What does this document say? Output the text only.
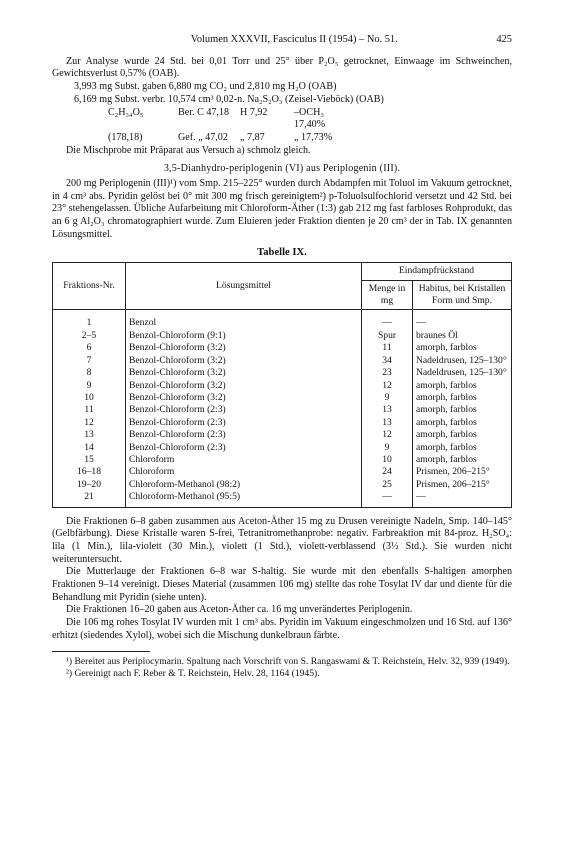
Volumen XXXVII, Fasciculus II (1954) – No. 51.	425

Zur Analyse wurde 24 Std. bei 0,01 Torr und 25° über P₂O₅ getrocknet, Einwaage im Schweinchen, Gewichtsverlust 0,57% (OAB).

3,993 mg Subst. gaben 6,880 mg CO₂ und 2,810 mg H₂O (OAB)

6,169 mg Subst. verbr. 10,574 cm³ 0,02-n. Na₂S₂O₃ (Zeisel-Vieböck) (OAB)

C₂H₃₄O₅	Ber. C 47,18	H 7,92	–OCH₃ 17,40%
(178,18)	Gef. „ 47,02	„ 7,87	„ 17,73%

Die Mischprobe mit Präparat aus Versuch a) schmolz gleich.

3,5-Dianhydro-periplogenin (VI) aus Periplogenin (III).

200 mg Periplogenin (III)¹) vom Smp. 215–225° wurden durch Abdampfen mit Toluol im Vakuum getrocknet, in 4 cm³ abs. Pyridin gelöst bei 0° mit 300 mg frisch gereinigtem²) p-Toluolsulfochlorid versetzt und 42 Std. bei 23° stehengelassen. Übliche Aufarbeitung mit Chloroform-Äther (1:3) gab 212 mg fast farbloses Rohprodukt, das an 6 g Al₂O₃ chromatographiert wurde. Zum Eluieren jeder Fraktion dienten je 20 cm³ der in Tab. IX genannten Lösungsmittel.

Tabelle IX.
Fraktions-Nr.	Lösungsmittel	Eindampfrückstand	
		Menge in mg	Habitus, bei Kristallen Form und Smp.
1	Benzol	—	—
2–5	Benzol-Chloroform (9:1)	Spur	braunes Öl
6	Benzol-Chloroform (3:2)	11	amorph, farblos
7	Benzol-Chloroform (3:2)	34	Nadeldrusen, 125–130°
8	Benzol-Chloroform (3:2)	23	Nadeldrusen, 125–130°
9	Benzol-Chloroform (3:2)	12	amorph, farblos
10	Benzol-Chloroform (3:2)	9	amorph, farblos
11	Benzol-Chloroform (2:3)	13	amorph, farblos
12	Benzol-Chloroform (2:3)	13	amorph, farblos
13	Benzol-Chloroform (2:3)	12	amorph, farblos
14	Benzol-Chloroform (2:3)	9	amorph, farblos
15	Chloroform	10	amorph, farblos
16–18	Chloroform	24	Prismen, 206–215°
19–20	Chloroform-Methanol (98:2)	25	Prismen, 206–215°
21	Chloroform-Methanol (95:5)	—	—

Die Fraktionen 6–8 gaben zusammen aus Aceton-Äther 15 mg zu Drusen vereinigte Nadeln, Smp. 140–145° (Gelbfärbung). Diese Kristalle waren S-frei, Tetranitromethanprobe: negativ. Farbreaktion mit 84-proz. H₂SO₄: lila (1 Min.), lila-violett (30 Min.), violett (1 Std.), violett-verblassend (3½ Std.). Sie wurden nicht weiteruntersucht.

Die Mutterlauge der Fraktionen 6–8 war S-haltig. Sie wurde mit den ebenfalls S-haltigen amorphen Fraktionen 9–14 vereinigt. Dieses Material (zusammen 106 mg) stellte das rohe Tosylat IV dar und diente für die Behandlung mit Pyridin (siehe unten).

Die Fraktionen 16–20 gaben aus Aceton-Äther ca. 16 mg unverändertes Periplogenin.

Die 106 mg rohes Tosylat IV wurden mit 1 cm³ abs. Pyridin im Vakuum eingeschmolzen und 16 Std. auf 136° erhitzt (siedendes Xylol), wobei sich die Mischung dunkelbraun färbte.

¹) Bereitet aus Periplocymarin. Spaltung nach Vorschrift von S. Rangaswami & T. Reichstein, Helv. 32, 939 (1949).

²) Gereinigt nach F. Reber & T. Reichstein, Helv. 28, 1164 (1945).
